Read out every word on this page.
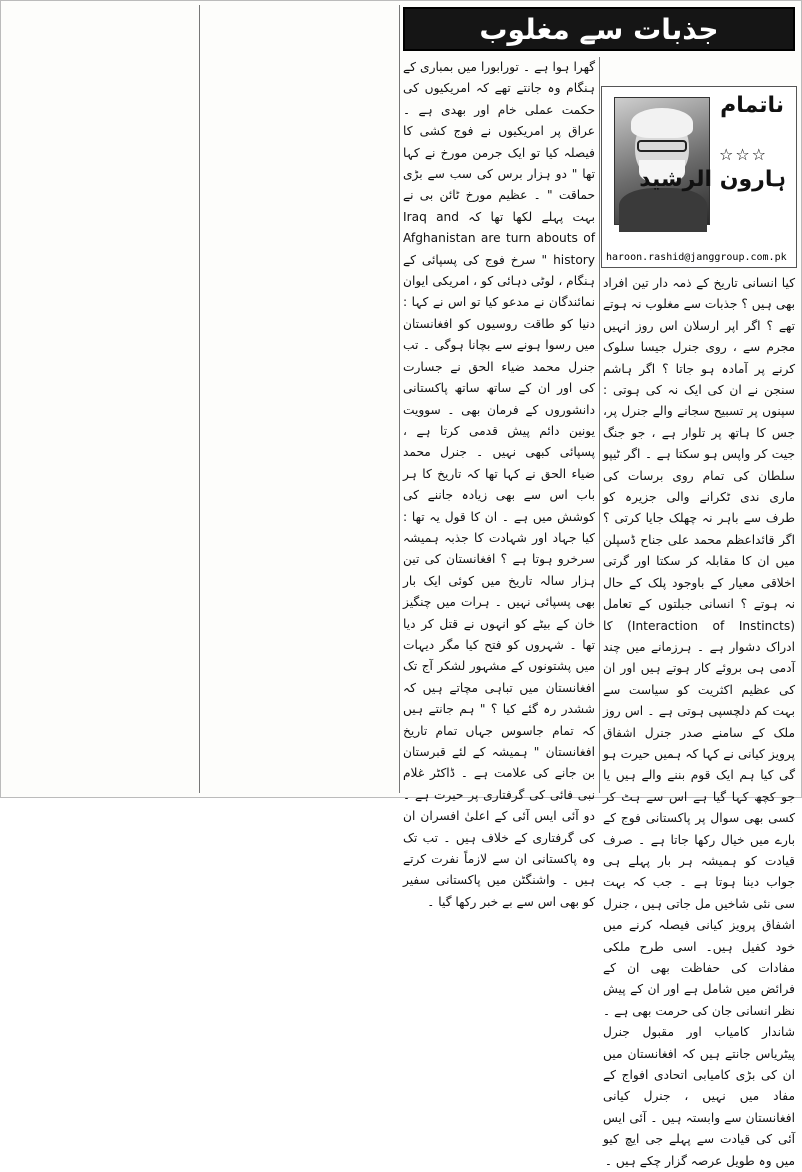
جذبات سے مغلوب
ناتمام
☆☆☆
ہارون الرشید
haroon.rashid@janggroup.com.pk

کیا انسانی تاریخ کے ذمہ دار تین افراد بھی ہیں ؟ جذبات سے مغلوب نہ ہوتے تھے ؟ اگر اپر ارسلان اس روز انہیں مجرم سے ، روی جنرل جیسا سلوک کرنے پر آمادہ ہو جاتا ؟ اگر ہاشم سنجن نے ان کی ایک نہ کی ہوتی : سپنوں پر تسبیح سجانے والے جنرل پر، جس کا ہاتھ پر تلوار ہے ، جو جنگ جیت کر واپس ہو سکتا ہے ۔ اگر ٹیپو سلطان کی تمام روی برسات کی ماری ندی ٹکرانے والی جزیرہ کو طرف سے باہر نہ چھلک جایا کرتی ؟ اگر قائداعظم محمد علی جناح ڈسپلن میں ان کا مقابلہ کر سکتا اور گرتی اخلاقی معیار کے باوجود پلک کے حال نہ ہوتے ؟ انسانی جبلتوں کے تعامل (Interaction of Instincts) کا ادراک دشوار ہے ۔ ہرزمانے میں چند آدمی ہی بروئے کار ہوتے ہیں اور ان کی عظیم اکثریت کو سیاست سے بہت کم دلچسپی ہوتی ہے ۔ اس روز ملک کے سامنے صدر جنرل اشفاق پرویز کیانی نے کہا کہ ہمیں حیرت ہو گی کیا ہم ایک قوم بننے والے ہیں یا جو کچھ کہا گیا ہے اس سے ہٹ کر کسی بھی سوال پر پاکستانی فوج کے بارے میں خیال رکھا جاتا ہے ۔ صرف قیادت کو ہمیشہ ہر بار پہلے ہی جواب دینا ہوتا ہے ۔ جب کہ بہت سی نئی شاخیں مل جاتی ہیں ، جنرل اشفاق پرویز کیانی فیصلہ کرنے میں خود کفیل ہیں۔ اسی طرح ملکی مفادات کی حفاظت بھی ان کے فرائض میں شامل ہے اور ان کے پیش نظر انسانی جان کی حرمت بھی ہے ۔ شاندار کامیاب اور مقبول جنرل پیٹریاس جانتے ہیں کہ افغانستان میں ان کی بڑی کامیابی اتحادی افواج کے مفاد میں نہیں ، جنرل کیانی افغانستان سے وابستہ ہیں ۔ آئی ایس آئی کی قیادت سے پہلے جی ایچ کیو میں وہ طویل عرصہ گزار چکے ہیں ۔

گھرا ہوا ہے ۔ تورابورا میں بمباری کے ہنگام وہ جانتے تھے کہ امریکیوں کی حکمت عملی خام اور بھدی ہے ۔ عراق پر امریکیوں نے فوج کشی کا فیصلہ کیا تو ایک جرمن مورخ نے کہا تھا " دو ہزار برس کی سب سے بڑی حماقت " ۔ عظیم مورخ ٹائن بی نے بہت پہلے لکھا تھا کہ Iraq and Afghanistan are turn abouts of history " سرخ فوج کی پسپائی کے ہنگام ، لوٹی دہائی کو ، امریکی ایوان نمائندگان نے مدعو کیا تو اس نے کہا : دنیا کو طاقت روسیوں کو افغانستان میں رسوا ہونے سے بچانا ہوگی ۔ تب جنرل محمد ضیاء الحق نے جسارت کی اور ان کے ساتھ ساتھ پاکستانی دانشوروں کے فرمان بھی ۔ سوویت یونین دائم پیش قدمی کرتا ہے ، پسپائی کبھی نہیں ۔ جنرل محمد ضیاء الحق نے کہا تھا کہ تاریخ کا ہر باب اس سے بھی زیادہ جاننے کی کوشش میں ہے ۔ ان کا قول یہ تھا : کیا جہاد اور شہادت کا جذبہ ہمیشہ سرخرو ہوتا ہے ؟ افغانستان کی تین ہزار سالہ تاریخ میں کوئی ایک بار بھی پسپائی نہیں ۔ ہرات میں چنگیز خان کے بیٹے کو انہوں نے قتل کر دیا تھا ۔ شہروں کو فتح کیا مگر دیہات میں پشتونوں کے مشہور لشکر آج تک افغانستان میں تباہی مچاتے ہیں کہ ششدر رہ گئے کیا ؟ " ہم جانتے ہیں کہ تمام جاسوس جہاں تمام تاریخ افغانستان " ہمیشہ کے لئے قبرستان بن جانے کی علامت ہے ۔ ڈاکٹر غلام نبی فائی کی گرفتاری پر حیرت ہے ۔ دو آئی ایس آئی کے اعلیٰ افسران ان کی گرفتاری کے خلاف ہیں ۔ تب تک وہ پاکستانی ان سے لازماً نفرت کرتے ہیں ۔ واشنگٹن میں پاکستانی سفیر کو بھی اس سے بے خبر رکھا گیا ۔
